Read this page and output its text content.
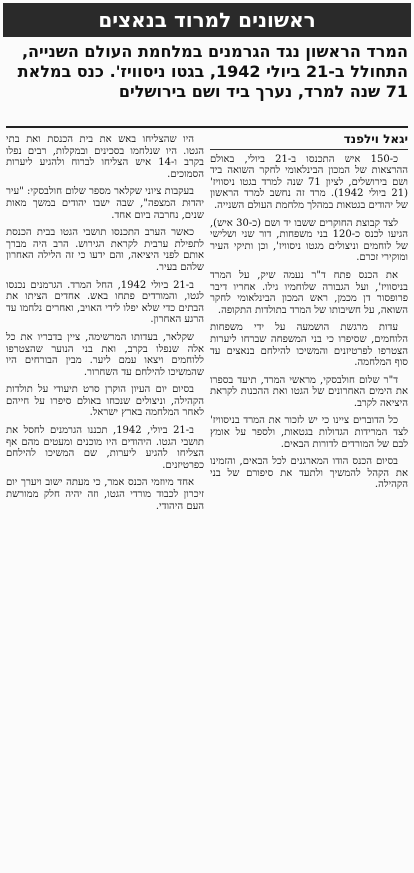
ראשונים למרוד בנאצים
המרד הראשון נגד הגרמנים במלחמת העולם השנייה,
התחולל ב-21 ביולי 1942, בגטו ניסוויז'. כנס במלאת
71 שנה למרד, נערך ביד ושם בירושלים
יגאל וילפנד
כ-150 איש התכנסו ב-21 ביולי, באולם ההרצאות של המכון הבינלאומי לחקר השואה ביד ושם בירושלים, לציון 71 שנה למרד בגטו ניסוויז' (21 ביולי 1942). מרד זה נחשב למרד הראשון של יהודים בגטאות במהלך מלחמת העולם השנייה.
לצד קבוצת החוקרים ששבו יד ושם (כ-30 איש), הגיעו לכנס כ-120 בני משפחות, דור שני ושלישי של לוחמים וניצולים מגטו ניסוויז', וכן ותיקי העיר ומוקירי זכרם.
את הכנס פתח ד"ר נעמה שיק, על המרד בניסוויז', ועל הגבורה שלוחמיו גילו. אחריו דיבר פרופסור דן מכמן, ראש המכון הבינלאומי לחקר השואה, על חשיבותו של המרד בתולדות התקופה.
עדות מרגשת הושמעה על ידי משפחות הלוחמים, שסיפרו כי בני המשפחה שברחו ליערות הצטרפו לפרטיזנים והמשיכו להילחם בנאצים עד סוף המלחמה.
ד"ר שלום חולבסקי, מראשי המרד, תיעד בספרו את הימים האחרונים של הגטו ואת ההכנות לקראת היציאה לקרב.
כל הדוברים ציינו כי יש לזכור את המרד בניסוויז' לצד המרידות הגדולות בגטאות, ולספר על אומץ לבם של המורדים לדורות הבאים.
בסיום הכנס הודו המארגנים לכל הבאים, והזמינו את הקהל להמשיך ולתעד את סיפורם של בני הקהילה.
היו שהצליחו באש את בית הכנסת ואת בתי הגטו. היו שנלחמו בסכינים ובמקלות, רבים נפלו בקרב ו-14 איש הצליחו לברוח ולהגיע ליערות הסמוכים.
בעקבות ציוני שקלאר מספר שלום חולבסקי: "עיר יהדוּת המצפה", שבה ישבו יהודים במשך מאות שנים, נחרבה ביום אחד.
כאשר הערב התכנסו תושבי הגטו בבית הכנסת לתפילת ערבית לקראת הגירוש. הרב היה מברך אותם לפני היציאה, והם ידעו כי זה הלילה האחרון שלהם בעיר.
ב-21 ביולי 1942, החל המרד. הגרמנים נכנסו לגטו, והמורדים פתחו באש. אחדים הציתו את הבתים כדי שלא יפלו לידי האויב, ואחרים נלחמו עד הרגע האחרון.
שקלאר, בעדותו המרשימה, ציין בדבריו את כל אלה שנפלו בקרב, ואת בני הנוער שהצטרפו ללוחמים ויצאו עמם ליער. מבין הבורחים היו שהמשיכו להילחם עד השחרור.
בסיום יום העיון הוקרן סרט תיעודי על תולדות הקהילה, וניצולים שנכחו באולם סיפרו על חייהם לאחר המלחמה בארץ ישראל.
ב-21 ביולי, 1942, תכננו הגרמנים לחסל את תושבי הגטו. היהודים היו מוכנים ומעטים מהם אף הצליחו להגיע ליערות, שם המשיכו להילחם כפרטיזנים.
אחד מיוזמי הכנס אמר, כי מעתה ישוב ויערך יום זיכרון לכבוד מורדי הגטו, וזה יהיה חלק ממורשת העם היהודי.
